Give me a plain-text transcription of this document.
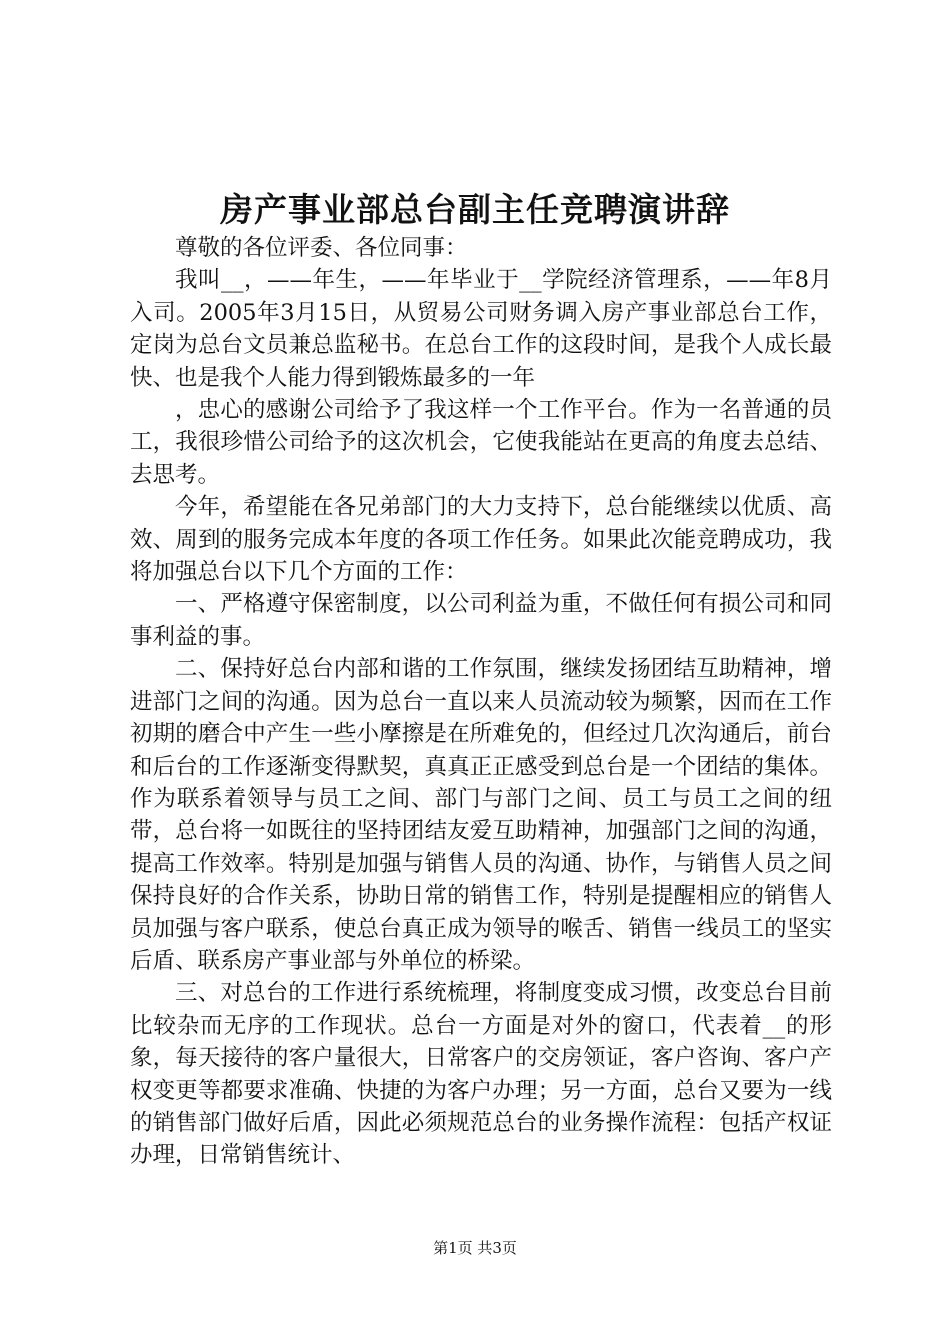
房产事业部总台副主任竞聘演讲辞

尊敬的各位评委、各位同事：

我叫__，——年生，——年毕业于__学院经济管理系，——年8月入司。2005年3月15日，从贸易公司财务调入房产事业部总台工作，定岗为总台文员兼总监秘书。在总台工作的这段时间，是我个人成长最快、也是我个人能力得到锻炼最多的一年

，忠心的感谢公司给予了我这样一个工作平台。作为一名普通的员工，我很珍惜公司给予的这次机会，它使我能站在更高的角度去总结、去思考。

今年，希望能在各兄弟部门的大力支持下，总台能继续以优质、高效、周到的服务完成本年度的各项工作任务。如果此次能竞聘成功，我将加强总台以下几个方面的工作：

一、严格遵守保密制度，以公司利益为重，不做任何有损公司和同事利益的事。

二、保持好总台内部和谐的工作氛围，继续发扬团结互助精神，增进部门之间的沟通。因为总台一直以来人员流动较为频繁，因而在工作初期的磨合中产生一些小摩擦是在所难免的，但经过几次沟通后，前台和后台的工作逐渐变得默契，真真正正感受到总台是一个团结的集体。作为联系着领导与员工之间、部门与部门之间、员工与员工之间的纽带，总台将一如既往的坚持团结友爱互助精神，加强部门之间的沟通，提高工作效率。特别是加强与销售人员的沟通、协作，与销售人员之间保持良好的合作关系，协助日常的销售工作，特别是提醒相应的销售人员加强与客户联系，使总台真正成为领导的喉舌、销售一线员工的坚实后盾、联系房产事业部与外单位的桥梁。

三、对总台的工作进行系统梳理，将制度变成习惯，改变总台目前比较杂而无序的工作现状。总台一方面是对外的窗口，代表着__的形象，每天接待的客户量很大，日常客户的交房领证，客户咨询、客户产权变更等都要求准确、快捷的为客户办理；另一方面，总台又要为一线的销售部门做好后盾，因此必须规范总台的业务操作流程：包括产权证办理，日常销售统计、

第1页 共3页
